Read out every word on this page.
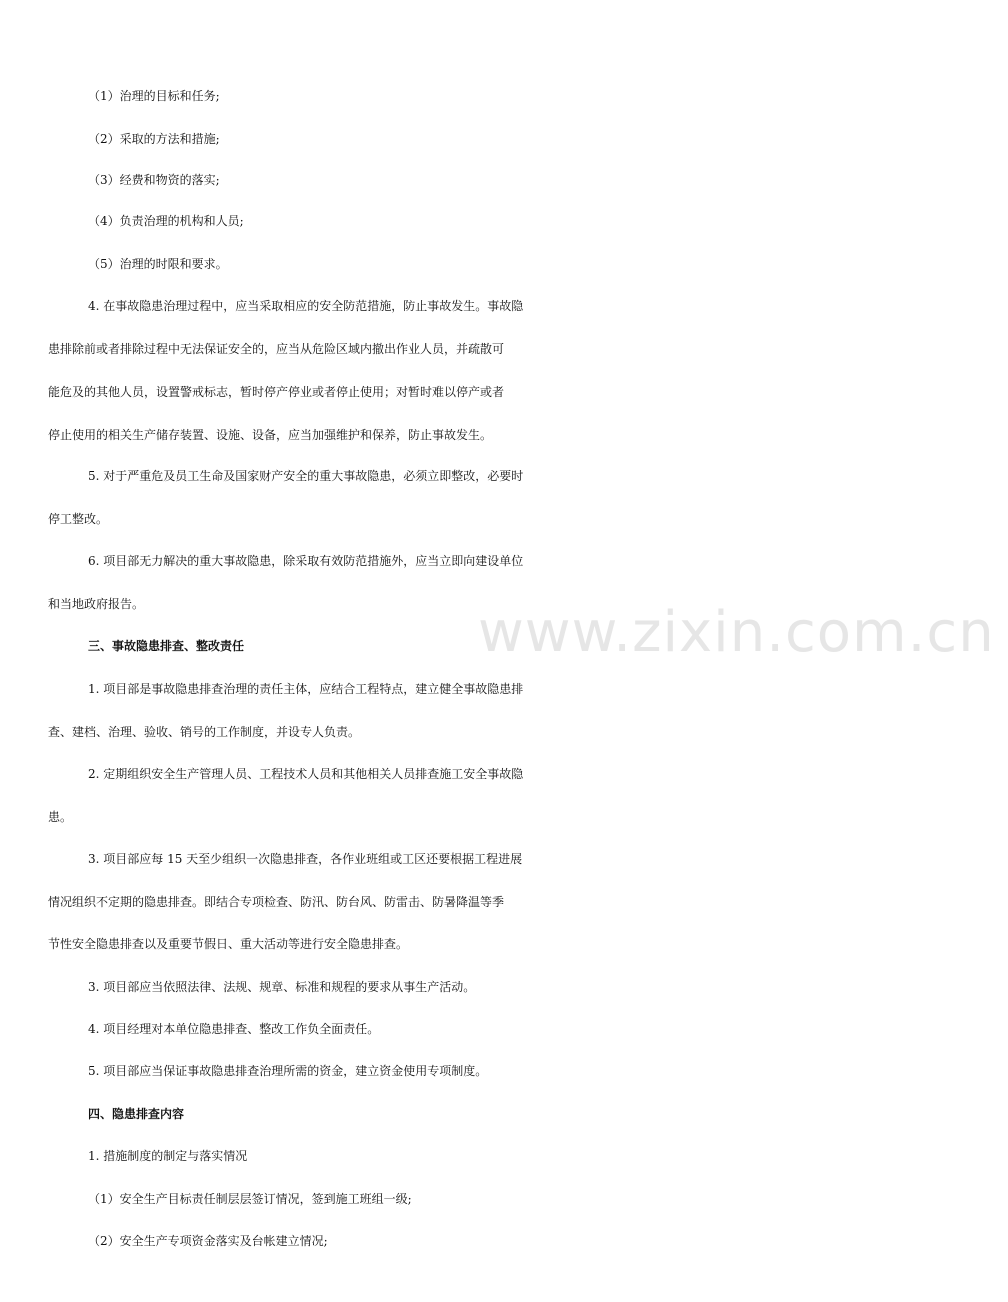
www.zixin.com.cn
（1）治理的目标和任务;
（2）采取的方法和措施;
（3）经费和物资的落实;
（4）负责治理的机构和人员;
（5）治理的时限和要求。
4. 在事故隐患治理过程中，应当采取相应的安全防范措施，防止事故发生。事故隐
患排除前或者排除过程中无法保证安全的，应当从危险区域内撤出作业人员，并疏散可
能危及的其他人员，设置警戒标志，暂时停产停业或者停止使用；对暂时难以停产或者
停止使用的相关生产储存装置、设施、设备，应当加强维护和保养，防止事故发生。
5. 对于严重危及员工生命及国家财产安全的重大事故隐患，必须立即整改，必要时
停工整改。
6. 项目部无力解决的重大事故隐患，除采取有效防范措施外，应当立即向建设单位
和当地政府报告。
三、事故隐患排查、整改责任
1. 项目部是事故隐患排查治理的责任主体，应结合工程特点，建立健全事故隐患排
查、建档、治理、验收、销号的工作制度，并设专人负责。
2. 定期组织安全生产管理人员、工程技术人员和其他相关人员排查施工安全事故隐
患。
3. 项目部应每 15 天至少组织一次隐患排查，各作业班组或工区还要根据工程进展
情况组织不定期的隐患排查。即结合专项检查、防汛、防台风、防雷击、防暑降温等季
节性安全隐患排查以及重要节假日、重大活动等进行安全隐患排查。
3. 项目部应当依照法律、法规、规章、标准和规程的要求从事生产活动。
4. 项目经理对本单位隐患排查、整改工作负全面责任。
5. 项目部应当保证事故隐患排查治理所需的资金，建立资金使用专项制度。
四、隐患排查内容
1. 措施制度的制定与落实情况
（1）安全生产目标责任制层层签订情况，签到施工班组一级;
（2）安全生产专项资金落实及台帐建立情况;
